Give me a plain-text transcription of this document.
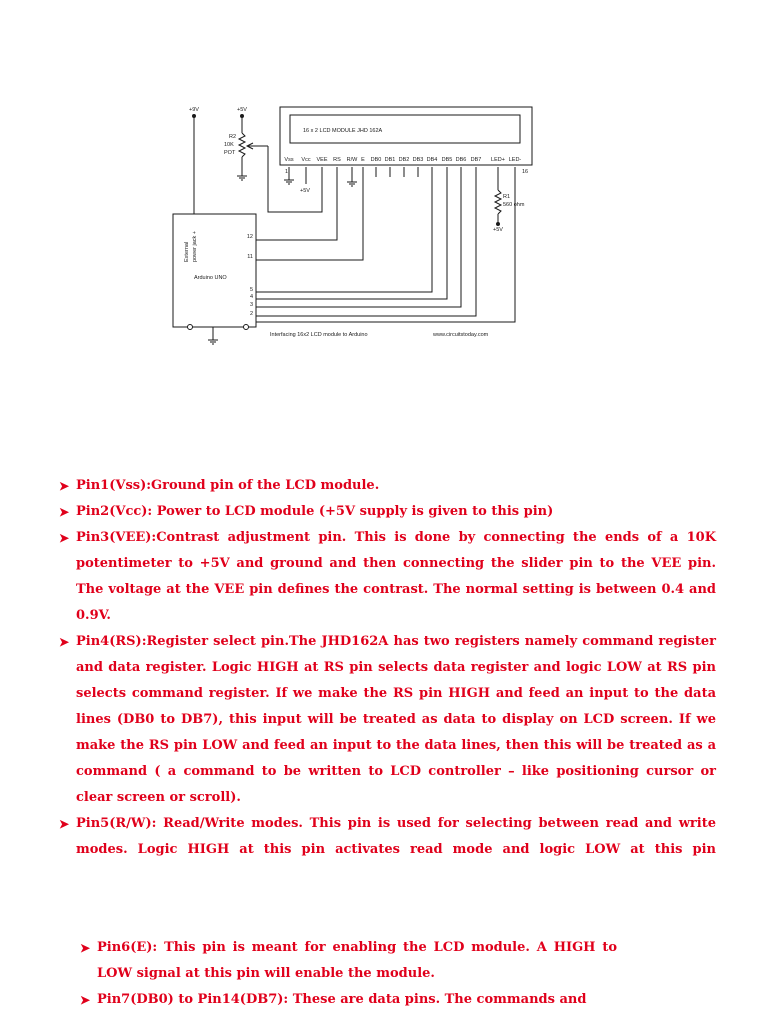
16 x 2 LCD MODULE JHD 162A
+9V	+5V
R2
10K
POT
1	16
+5V
R1
560 ohm
+5V
Arduino UNO
External power jack +
Interfacing 16x2 LCD module to Arduino	www.circuitstoday.com
Vss Vcc VEE RS R/W E DB0 DB1 DB2 DB3 DB4 DB5 DB6 DB7 LED+ LED-
12
11
5
4
3
2
➤ Pin1(Vss):Ground pin of the LCD module.
➤ Pin2(Vcc): Power to LCD module (+5V supply is given to this pin)
➤ Pin3(VEE):Contrast adjustment pin. This is done by connecting the ends of a 10K potentimeter to +5V and ground and then connecting the slider pin to the VEE pin. The voltage at the VEE pin defines the contrast. The normal setting is between 0.4 and 0.9V.
➤ Pin4(RS):Register select pin.The JHD162A has two registers namely command register and data register. Logic HIGH at RS pin selects data register and logic LOW at RS pin selects command register. If we make the RS pin HIGH and feed an input to the data lines (DB0 to DB7), this input will be treated as data to display on LCD screen. If we make the RS pin LOW and feed an input to the data lines, then this will be treated as a command ( a command to be written to LCD controller – like positioning cursor or clear screen or scroll).
➤ Pin5(R/W): Read/Write modes. This pin is used for selecting between read and write modes. Logic HIGH at this pin activates read mode and logic LOW at this pin
➤ Pin6(E): This pin is meant for enabling the LCD module. A HIGH to LOW signal at this pin will enable the module.
➤ Pin7(DB0) to Pin14(DB7): These are data pins. The commands and
